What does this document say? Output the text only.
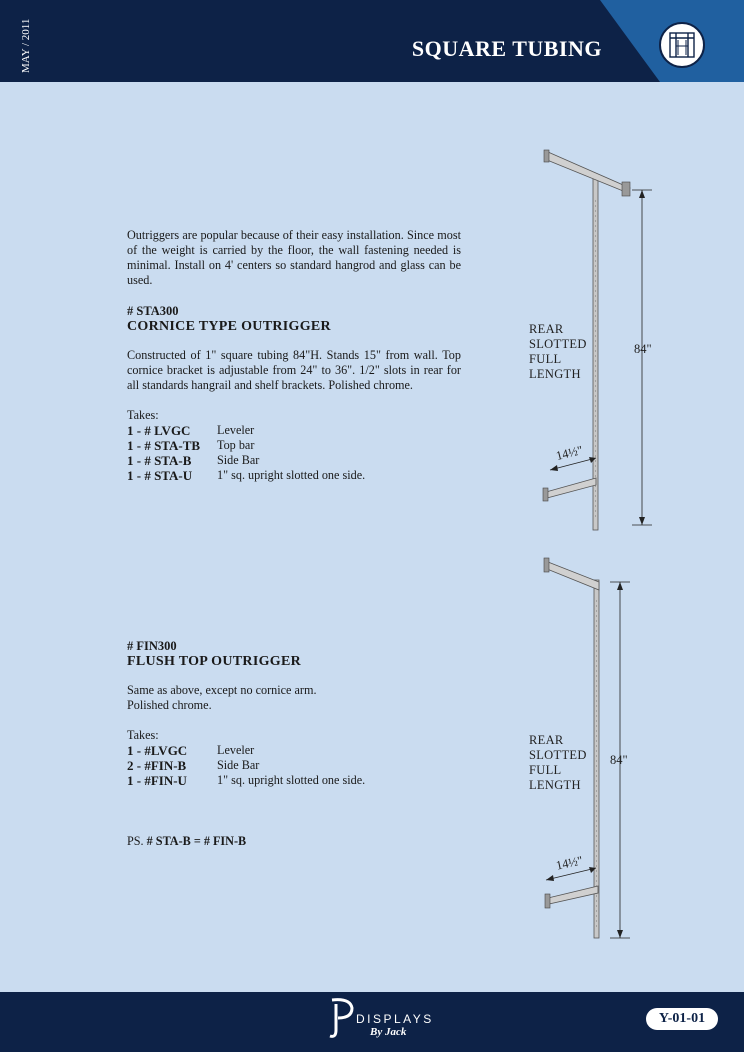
MAY / 2011	SQUARE TUBING
Outriggers are popular because of their easy installation. Since most of the weight is carried by the floor, the wall fastening needed is minimal. Install on 4' centers so standard hangrod and glass can be used.
# STA300
CORNICE TYPE OUTRIGGER
Constructed of 1" square tubing 84"H. Stands 15" from wall. Top cornice bracket is adjustable from 24" to 36". 1/2" slots in rear for all standards hangrail and shelf brackets. Polished chrome.
Takes:
1 - # LVGC	Leveler
1 - # STA-TB	Top bar
1 - # STA-B	Side Bar
1 - # STA-U	1" sq. upright slotted one side.
REAR
SLOTTED
FULL
LENGTH
84"
14½"
# FIN300
FLUSH TOP OUTRIGGER
Same as above, except no cornice arm.
Polished chrome.
Takes:
1 - #LVGC	Leveler
2 - #FIN-B	Side Bar
1 - #FIN-U	1" sq. upright slotted one side.
PS. # STA-B = # FIN-B
REAR
SLOTTED
FULL
LENGTH
84"
14½"
DISPLAYS
By Jack
Y-01-01
